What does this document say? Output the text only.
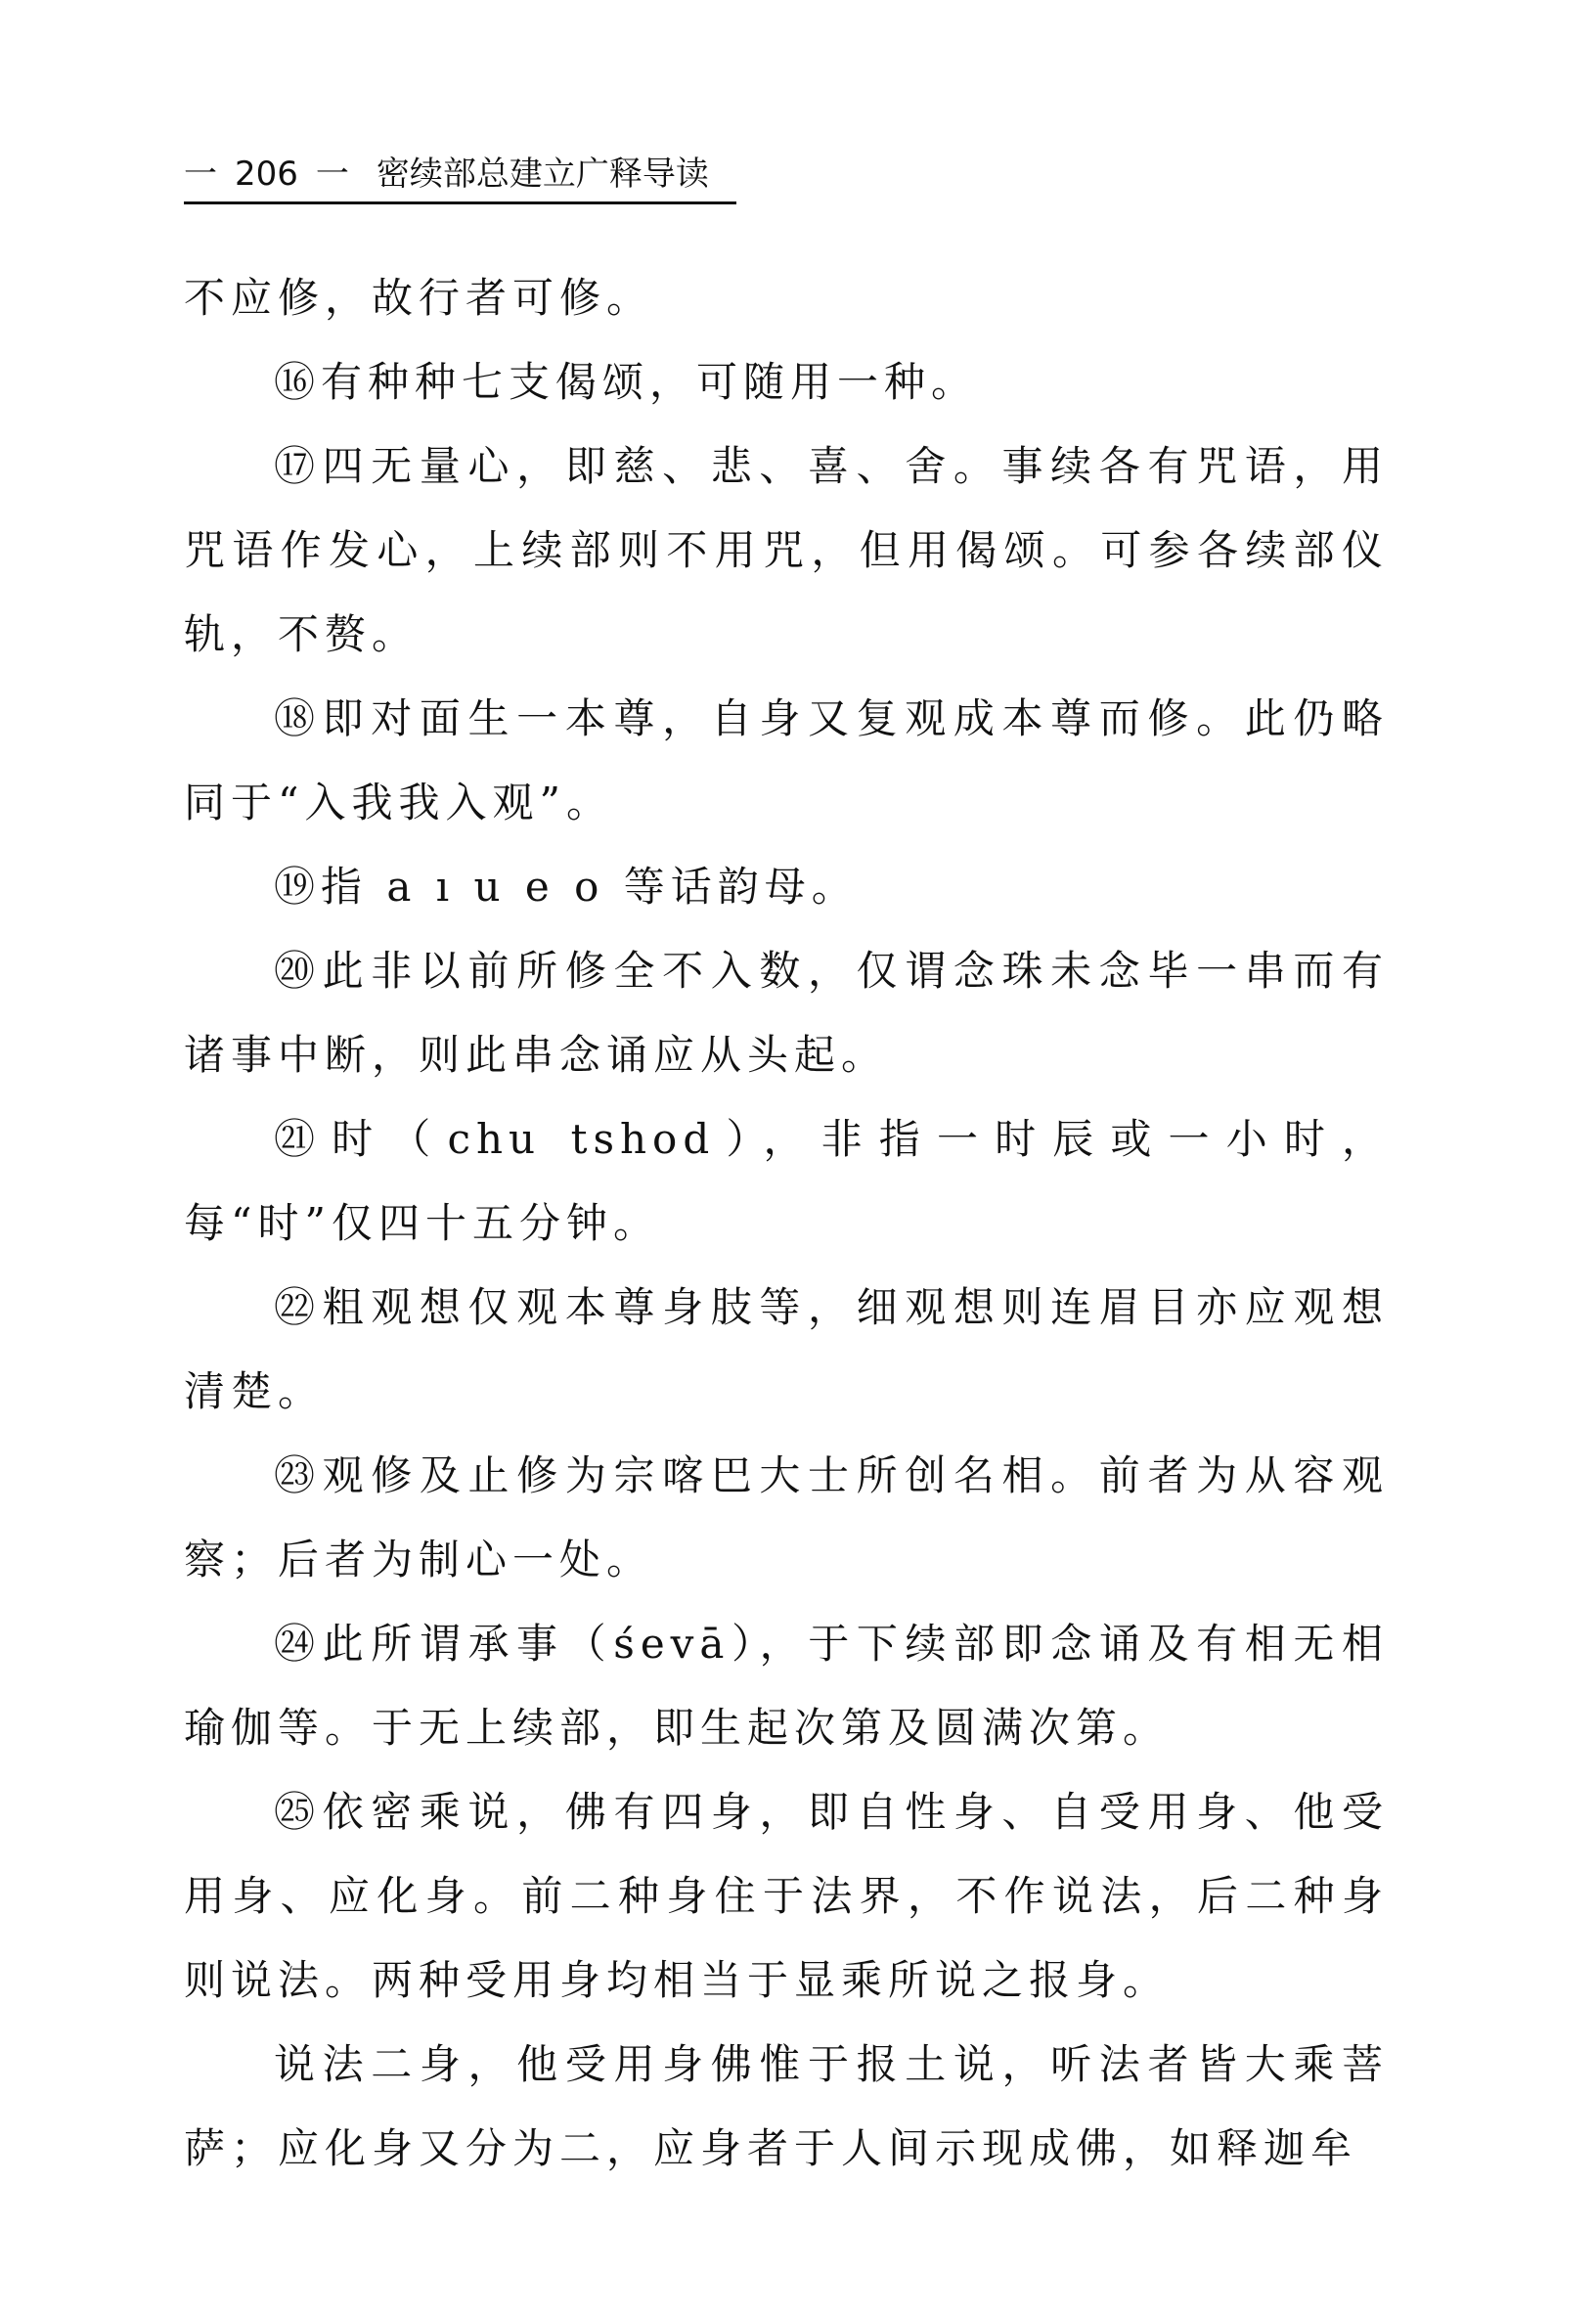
一 206 一 密续部总建立广释导读

不应修，故行者可修。

⑯有种种七支偈颂，可随用一种。

⑰四无量心，即慈、悲、喜、舍。事续各有咒语，用咒语作发心，上续部则不用咒，但用偈颂。可参各续部仪轨，不赘。

⑱即对面生一本尊，自身又复观成本尊而修。此仍略同于“入我我入观”。

⑲指 a ı u e o 等话韵母。

⑳此非以前所修全不入数，仅谓念珠未念毕一串而有诸事中断，则此串念诵应从头起。

㉑时（chu tshod），非指一时辰或一小时，每“时”仅四十五分钟。

㉒粗观想仅观本尊身肢等，细观想则连眉目亦应观想清楚。

㉓观修及止修为宗喀巴大士所创名相。前者为从容观察；后者为制心一处。

㉔此所谓承事（śevā），于下续部即念诵及有相无相瑜伽等。于无上续部，即生起次第及圆满次第。

㉕依密乘说，佛有四身，即自性身、自受用身、他受用身、应化身。前二种身住于法界，不作说法，后二种身则说法。两种受用身均相当于显乘所说之报身。

说法二身，他受用身佛惟于报土说，听法者皆大乘菩萨；应化身又分为二，应身者于人间示现成佛，如释迦牟
